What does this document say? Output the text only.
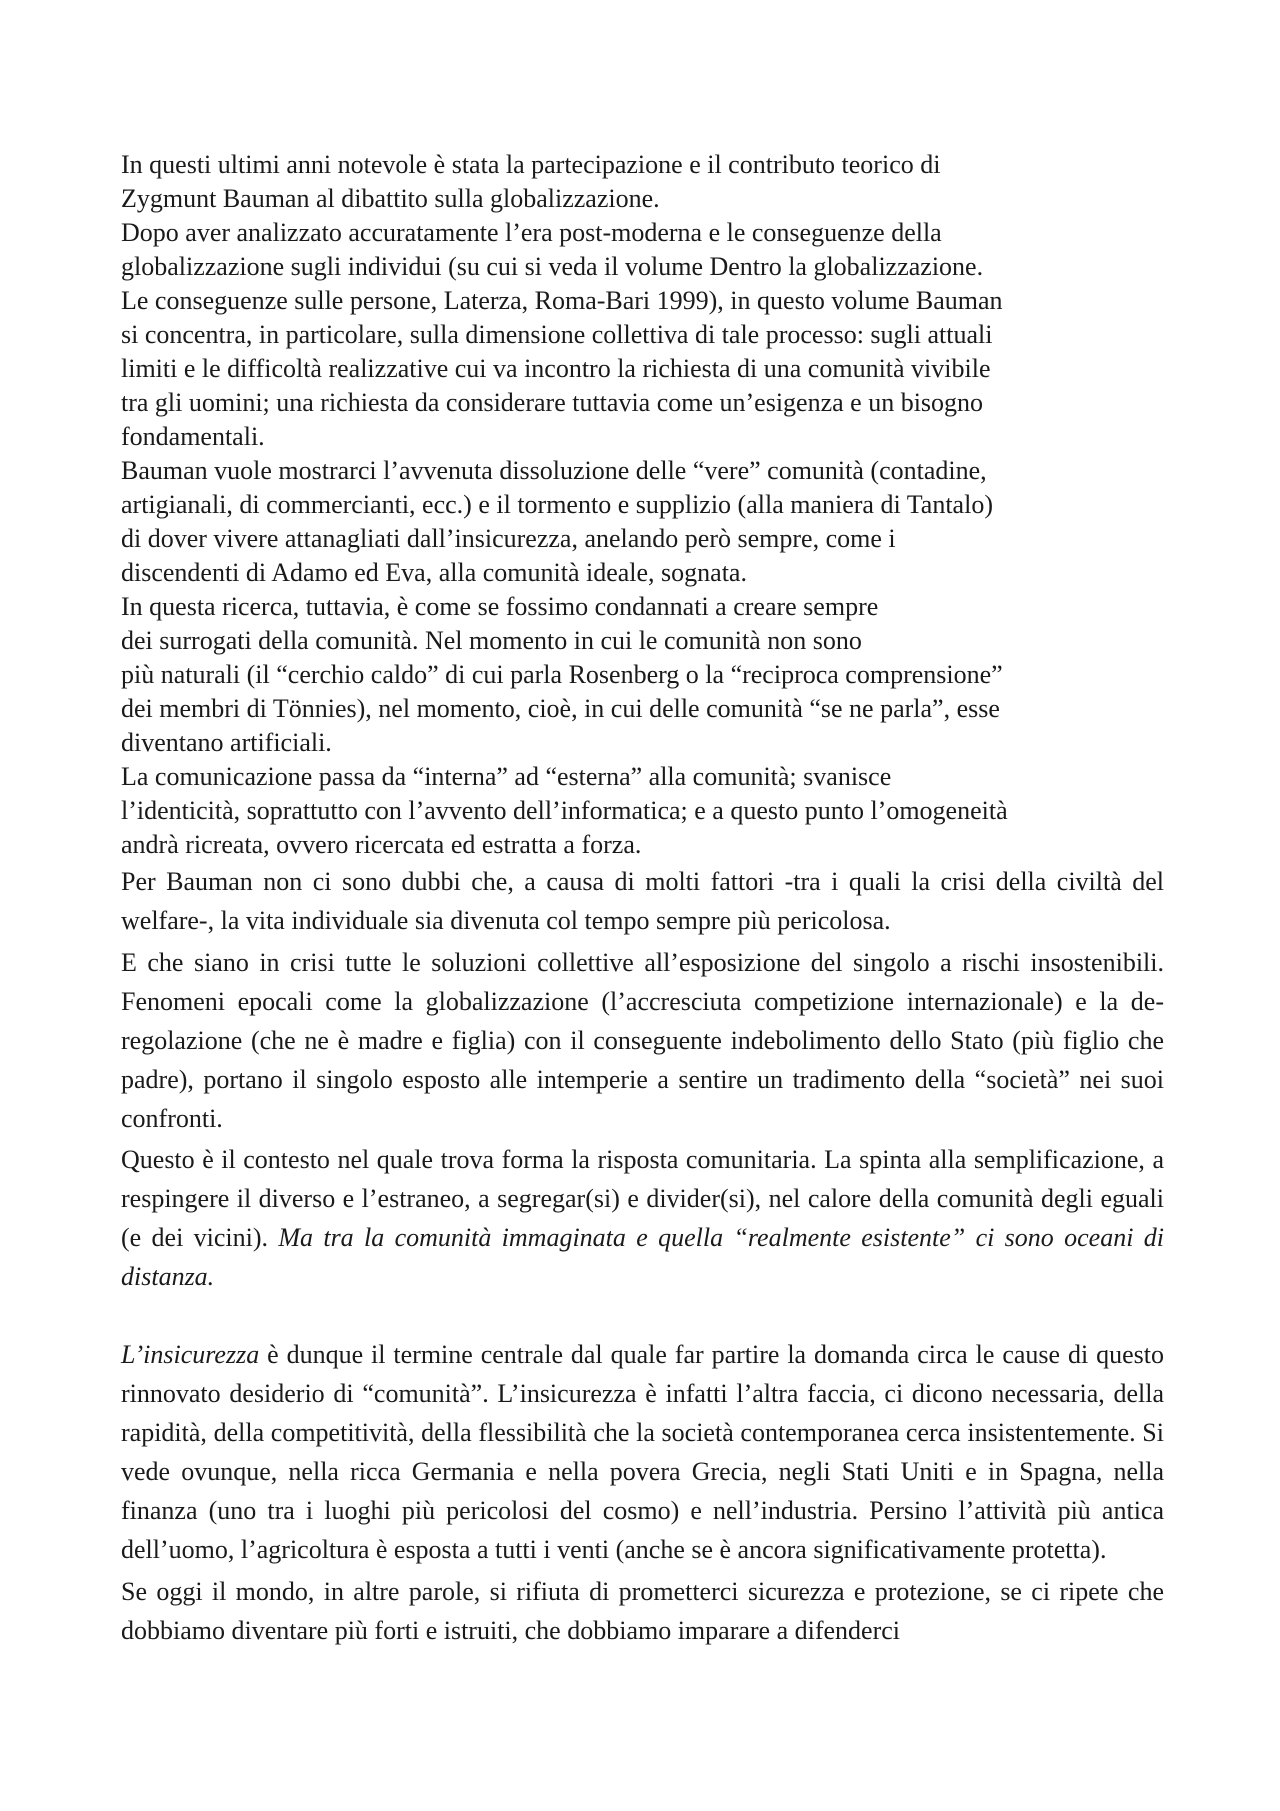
In questi ultimi anni notevole è stata la partecipazione e il contributo teorico di
Zygmunt Bauman al dibattito sulla globalizzazione.

Dopo aver analizzato accuratamente l’era post-moderna e le conseguenze della
globalizzazione sugli individui (su cui si veda il volume Dentro la globalizzazione.
Le conseguenze sulle persone, Laterza, Roma-Bari 1999), in questo volume Bauman
si concentra, in particolare, sulla dimensione collettiva di tale processo: sugli attuali
limiti e le difficoltà realizzative cui va incontro la richiesta di una comunità vivibile
tra gli uomini; una richiesta da considerare tuttavia come un’esigenza e un bisogno
fondamentali.

Bauman vuole mostrarci l’avvenuta dissoluzione delle “vere” comunità (contadine,
artigianali, di commercianti, ecc.) e il tormento e supplizio (alla maniera di Tantalo)
di dover vivere attanagliati dall’insicurezza, anelando però sempre, come i
discendenti di Adamo ed Eva, alla comunità ideale, sognata.

In questa ricerca, tuttavia, è come se fossimo condannati a creare sempre
dei surrogati della comunità. Nel momento in cui le comunità non sono
più naturali (il “cerchio caldo” di cui parla Rosenberg o la “reciproca comprensione”
dei membri di Tönnies), nel momento, cioè, in cui delle comunità “se ne parla”, esse
diventano artificiali.

La comunicazione passa da “interna” ad “esterna” alla comunità; svanisce
l’identicità, soprattutto con l’avvento dell’informatica; e a questo punto l’omogeneità
andrà ricreata, ovvero ricercata ed estratta a forza.

Per Bauman non ci sono dubbi che, a causa di molti fattori -tra i quali la crisi della civiltà del welfare-, la vita individuale sia divenuta col tempo sempre più pericolosa.

E che siano in crisi tutte le soluzioni collettive all’esposizione del singolo a rischi insostenibili. Fenomeni epocali come la globalizzazione (l’accresciuta competizione internazionale) e la de-regolazione (che ne è madre e figlia) con il conseguente indebolimento dello Stato (più figlio che padre), portano il singolo esposto alle intemperie a sentire un tradimento della “società” nei suoi confronti.

Questo è il contesto nel quale trova forma la risposta comunitaria. La spinta alla semplificazione, a respingere il diverso e l’estraneo, a segregar(si) e divider(si), nel calore della comunità degli eguali (e dei vicini). Ma tra la comunità immaginata e quella “realmente esistente” ci sono oceani di distanza.

L’insicurezza è dunque il termine centrale dal quale far partire la domanda circa le cause di questo rinnovato desiderio di “comunità”. L’insicurezza è infatti l’altra faccia, ci dicono necessaria, della rapidità, della competitività, della flessibilità che la società contemporanea cerca insistentemente. Si vede ovunque, nella ricca Germania e nella povera Grecia, negli Stati Uniti e in Spagna, nella finanza (uno tra i luoghi più pericolosi del cosmo) e nell’industria. Persino l’attività più antica dell’uomo, l’agricoltura è esposta a tutti i venti (anche se è ancora significativamente protetta).

Se oggi il mondo, in altre parole, si rifiuta di prometterci sicurezza e protezione, se ci ripete che dobbiamo diventare più forti e istruiti, che dobbiamo imparare a difenderci
